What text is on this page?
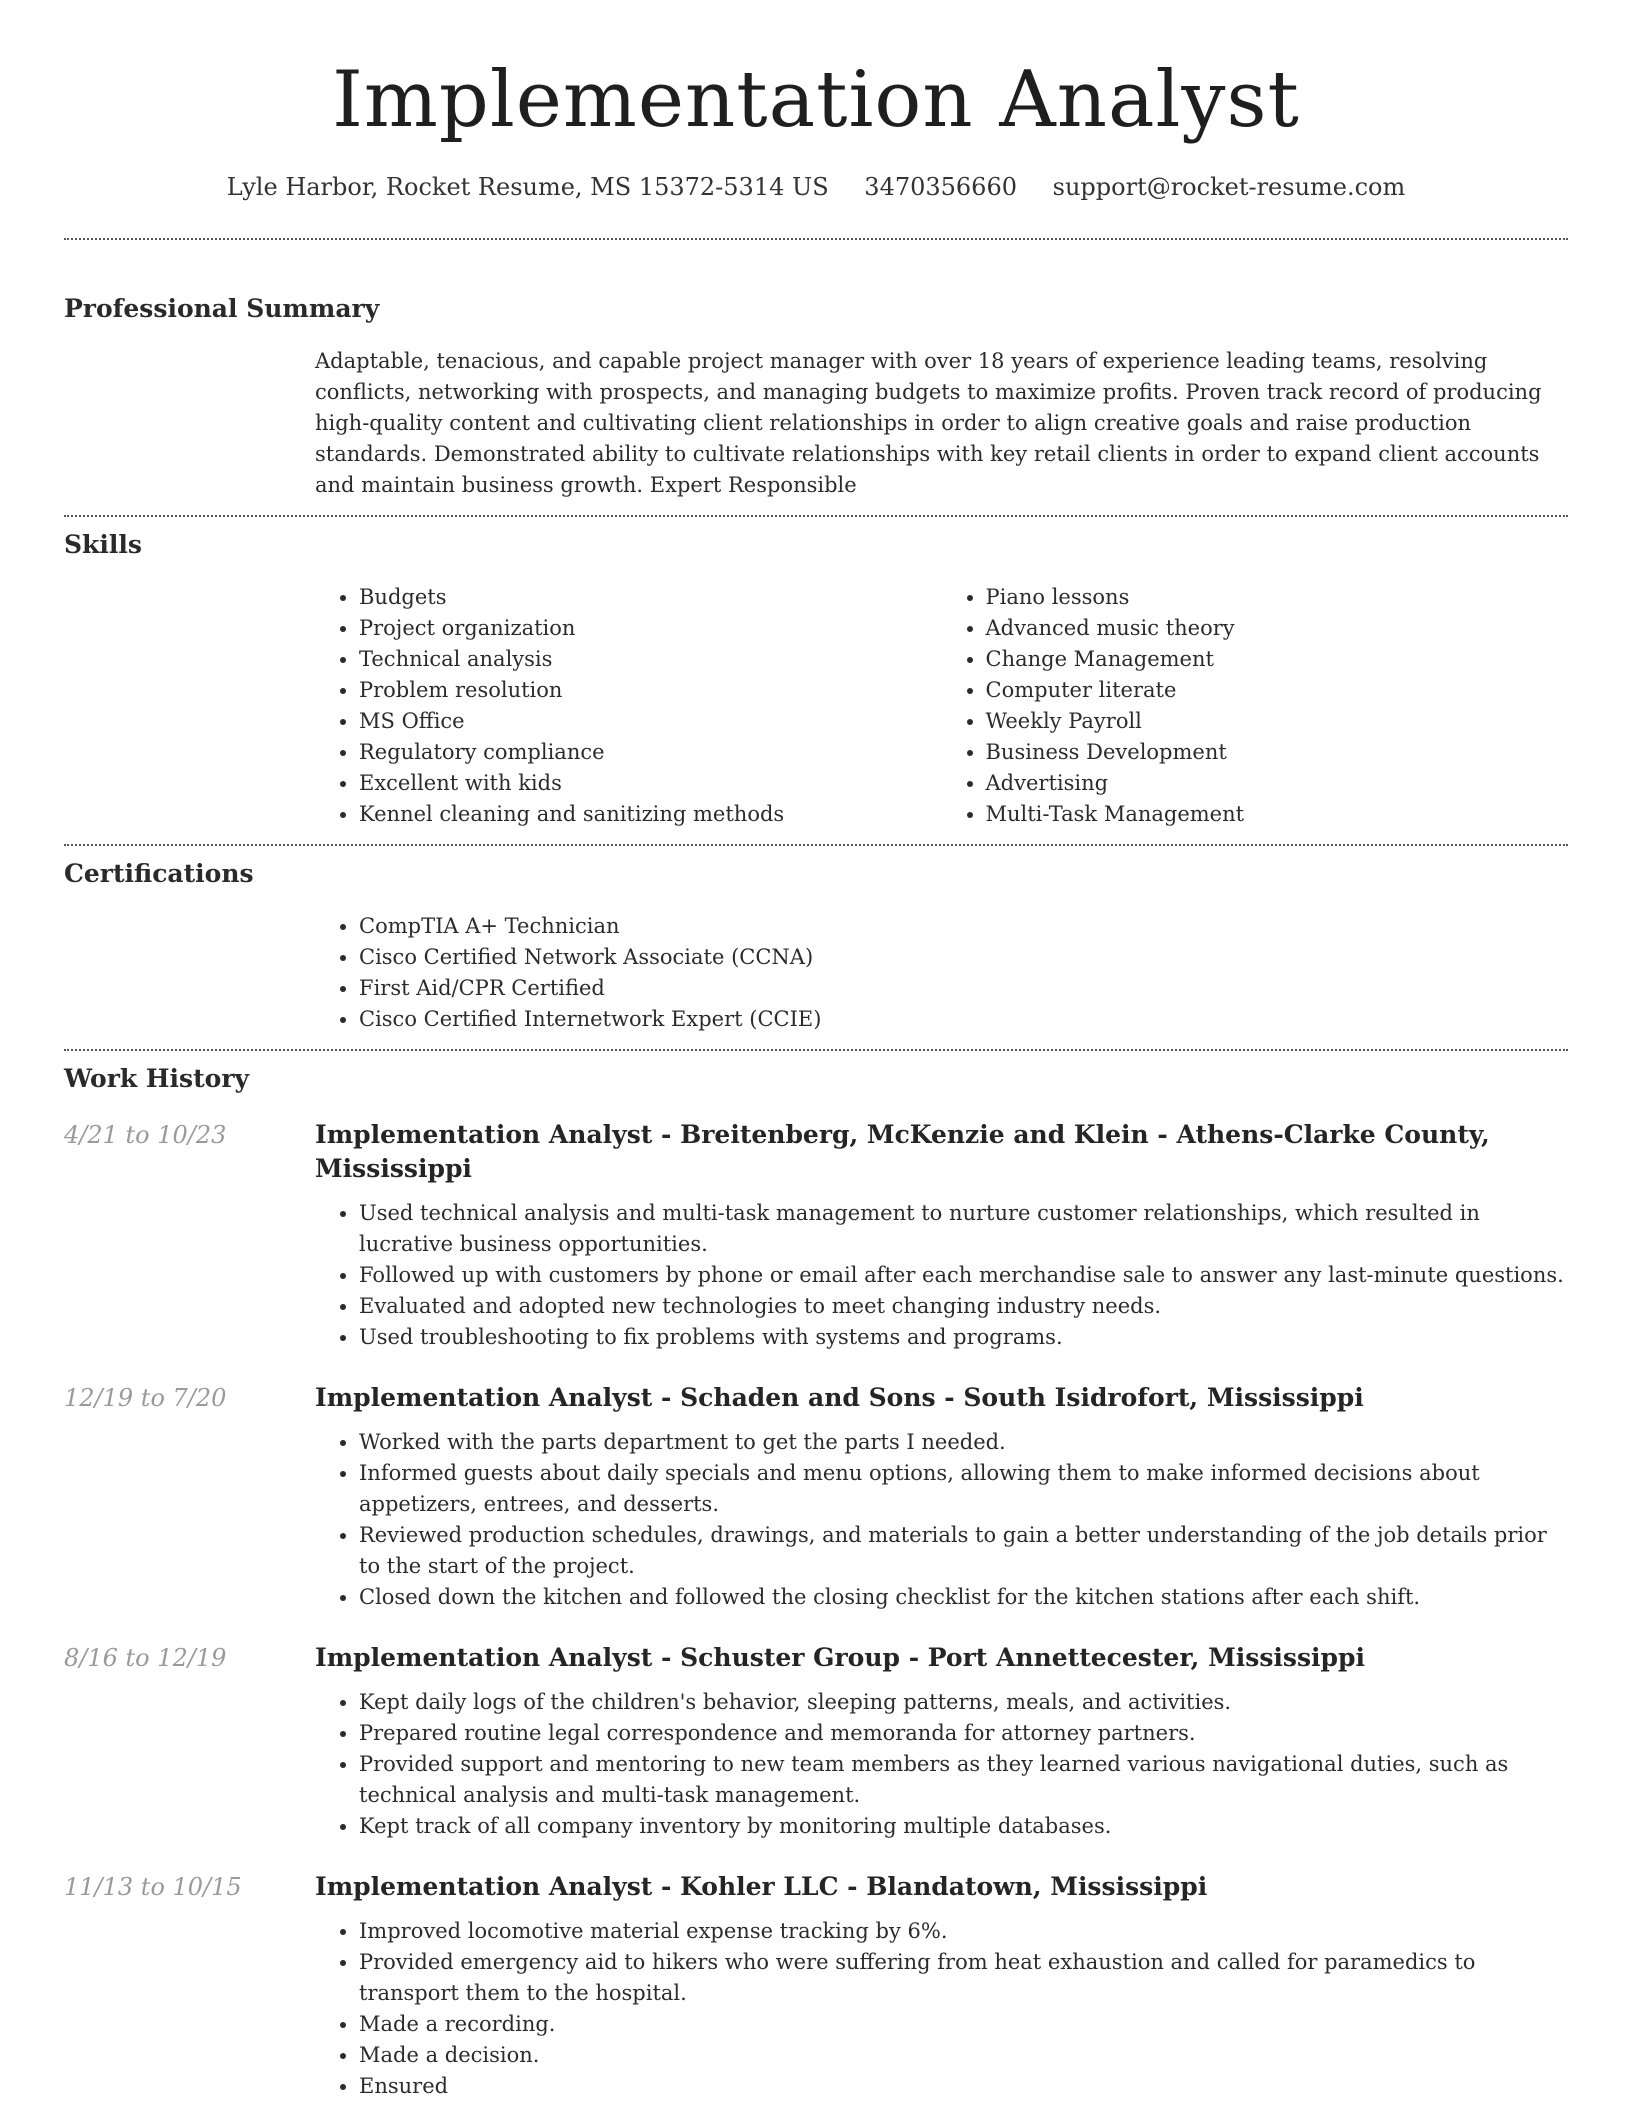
Implementation Analyst
Lyle Harbor, Rocket Resume, MS 15372-5314 US 3470356660 support@rocket-resume.com
Professional Summary

Adaptable, tenacious, and capable project manager with over 18 years of experience leading teams, resolving conflicts, networking with prospects, and managing budgets to maximize profits. Proven track record of producing high-quality content and cultivating client relationships in order to align creative goals and raise production standards. Demonstrated ability to cultivate relationships with key retail clients in order to expand client accounts and maintain business growth. Expert Responsible

Skills
• Budgets
• Project organization
• Technical analysis
• Problem resolution
• MS Office
• Regulatory compliance
• Excellent with kids
• Kennel cleaning and sanitizing methods
• Piano lessons
• Advanced music theory
• Change Management
• Computer literate
• Weekly Payroll
• Business Development
• Advertising
• Multi-Task Management
Certifications
• CompTIA A+ Technician
• Cisco Certified Network Associate (CCNA)
• First Aid/CPR Certified
• Cisco Certified Internetwork Expert (CCIE)
Work History
4/21 to 10/23	Implementation Analyst - Breitenberg, McKenzie and Klein - Athens-Clarke County, Mississippi
• Used technical analysis and multi-task management to nurture customer relationships, which resulted in lucrative business opportunities.
• Followed up with customers by phone or email after each merchandise sale to answer any last-minute questions.
• Evaluated and adopted new technologies to meet changing industry needs.
• Used troubleshooting to fix problems with systems and programs.
12/19 to 7/20	Implementation Analyst - Schaden and Sons - South Isidrofort, Mississippi
• Worked with the parts department to get the parts I needed.
• Informed guests about daily specials and menu options, allowing them to make informed decisions about appetizers, entrees, and desserts.
• Reviewed production schedules, drawings, and materials to gain a better understanding of the job details prior to the start of the project.
• Closed down the kitchen and followed the closing checklist for the kitchen stations after each shift.
8/16 to 12/19	Implementation Analyst - Schuster Group - Port Annettecester, Mississippi
• Kept daily logs of the children's behavior, sleeping patterns, meals, and activities.
• Prepared routine legal correspondence and memoranda for attorney partners.
• Provided support and mentoring to new team members as they learned various navigational duties, such as technical analysis and multi-task management.
• Kept track of all company inventory by monitoring multiple databases.
11/13 to 10/15	Implementation Analyst - Kohler LLC - Blandatown, Mississippi
• Improved locomotive material expense tracking by 6%.
• Provided emergency aid to hikers who were suffering from heat exhaustion and called for paramedics to transport them to the hospital.
• Made a recording.
• Made a decision.
• Ensured
